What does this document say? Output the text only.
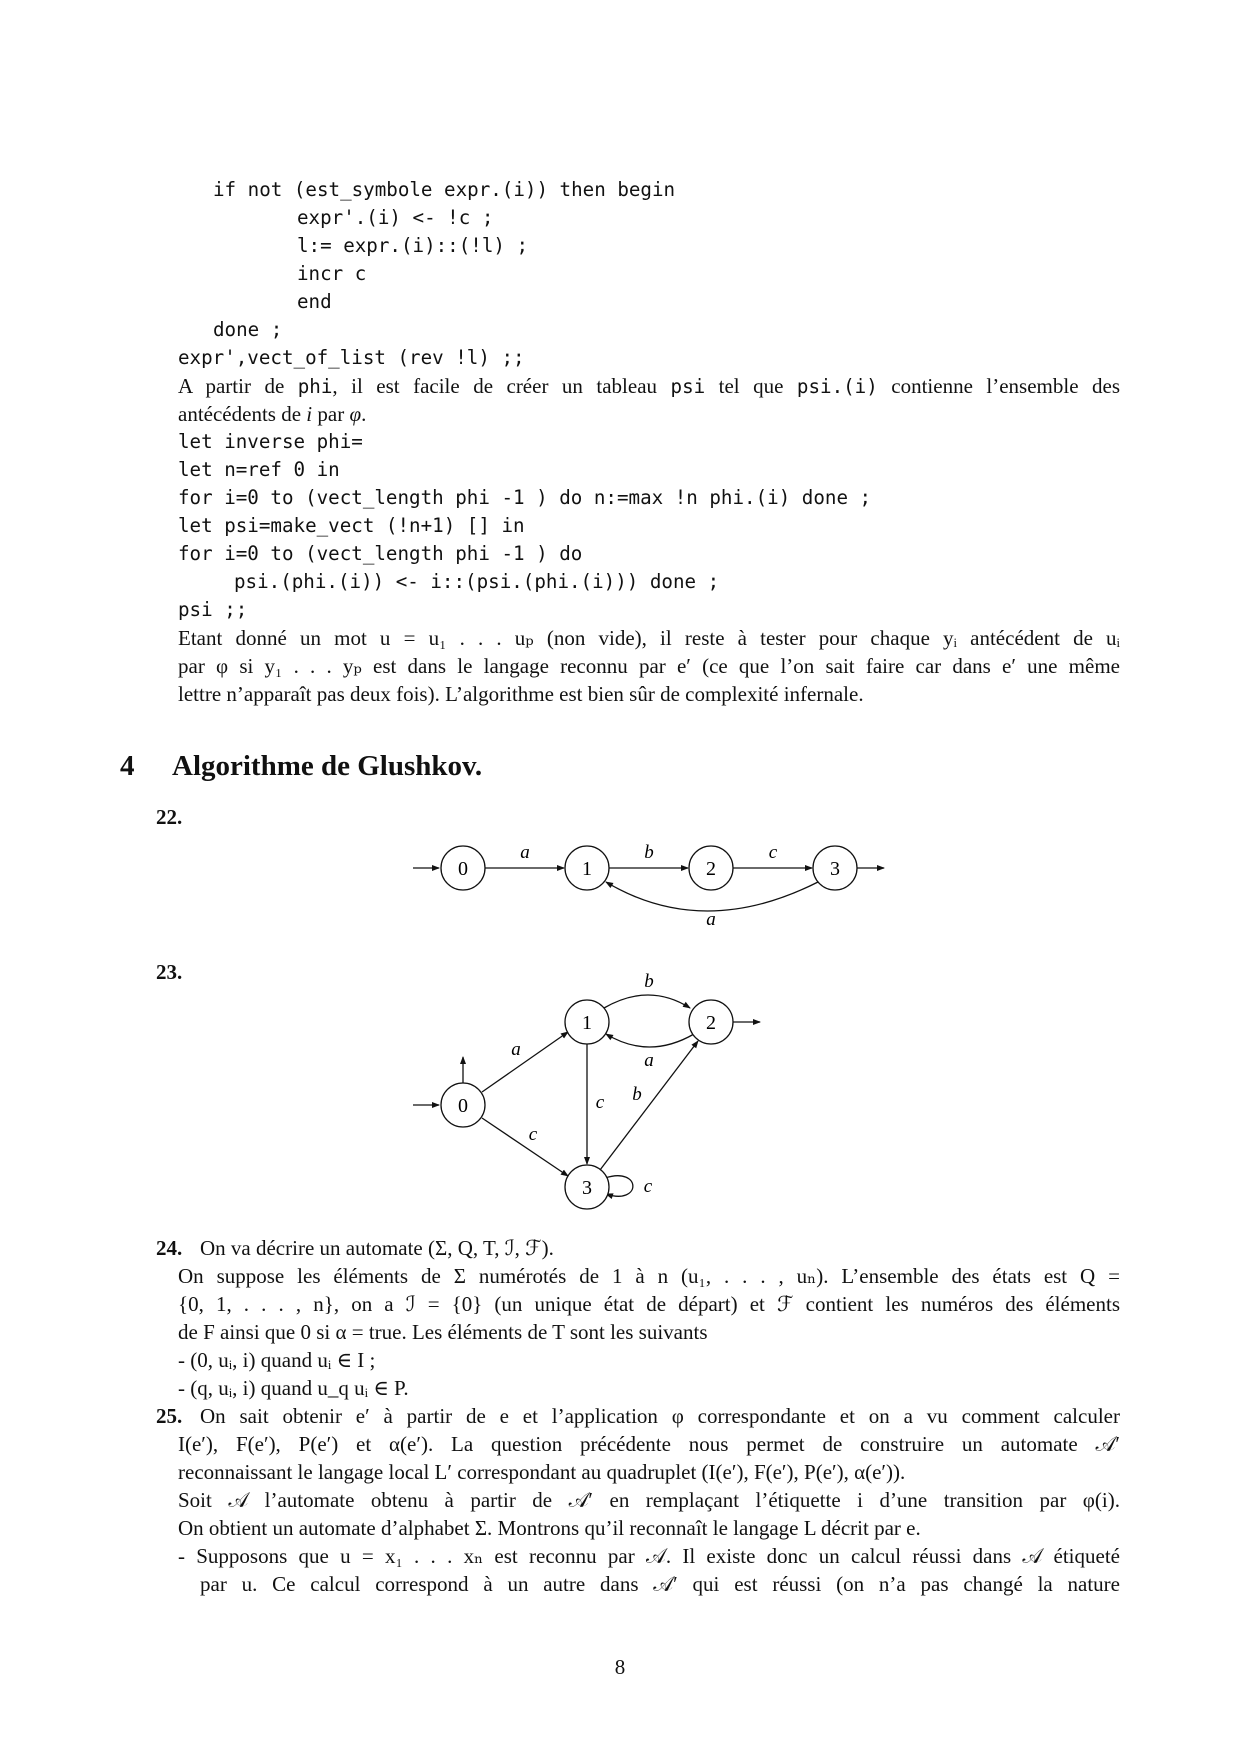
if not (est_symbole expr.(i)) then begin
expr'.(i) <- !c ;
l:= expr.(i)::(!l) ;
incr c
end
done ;
expr',vect_of_list (rev !l) ;;
A partir de phi, il est facile de créer un tableau psi tel que psi.(i) contienne l’ensemble des
antécédents de i par φ.
let inverse phi=
let n=ref 0 in
for i=0 to (vect_length phi -1 ) do n:=max !n phi.(i) done ;
let psi=make_vect (!n+1) [] in
for i=0 to (vect_length phi -1 ) do
psi.(phi.(i)) <- i::(psi.(phi.(i))) done ;
psi ;;
Etant donné un mot u = u₁ . . . uₚ (non vide), il reste à tester pour chaque yᵢ antécédent de uᵢ
par φ si y₁ . . . yₚ est dans le langage reconnu par e′ (ce que l’on sait faire car dans e′ une même
lettre n’apparaît pas deux fois). L’algorithme est bien sûr de complexité infernale.
4 Algorithme de Glushkov.
22.
0	1	2	3
a	b	c
a
0
1	2
3
b
a
a
c
b
c
c
23.
24. On va décrire un automate (Σ, Q, T, ℐ, ℱ).
On suppose les éléments de Σ numérotés de 1 à n (u₁, . . . , uₙ). L’ensemble des états est Q =
{0, 1, . . . , n}, on a ℐ = {0} (un unique état de départ) et ℱ contient les numéros des éléments
de F ainsi que 0 si α = true. Les éléments de T sont les suivants
- (0, uᵢ, i) quand uᵢ ∈ I ;
- (q, uᵢ, i) quand u_q uᵢ ∈ P.
25. On sait obtenir e′ à partir de e et l’application φ correspondante et on a vu comment calculer
I(e′), F(e′), P(e′) et α(e′). La question précédente nous permet de construire un automate 𝒜′
reconnaissant le langage local L′ correspondant au quadruplet (I(e′), F(e′), P(e′), α(e′)).
Soit 𝒜 l’automate obtenu à partir de 𝒜′ en remplaçant l’étiquette i d’une transition par φ(i).
On obtient un automate d’alphabet Σ. Montrons qu’il reconnaît le langage L décrit par e.
- Supposons que u = x₁ . . . xₙ est reconnu par 𝒜. Il existe donc un calcul réussi dans 𝒜 étiqueté
par u. Ce calcul correspond à un autre dans 𝒜′ qui est réussi (on n’a pas changé la nature
8
